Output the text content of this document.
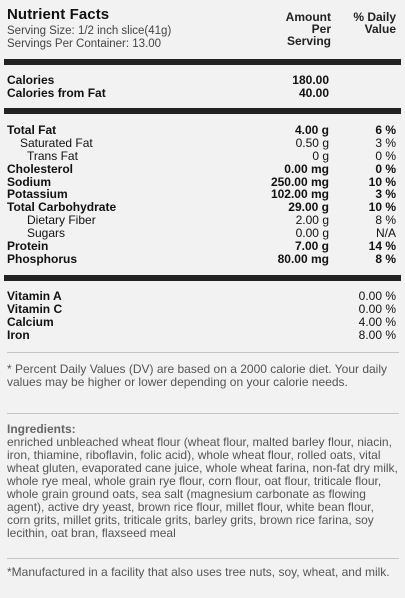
Nutrient Facts
Serving Size: 1/2 inch slice(41g)
Servings Per Container: 13.00
Amount
Per
Serving
% Daily
Value
Calories	180.00
Calories from Fat	40.00
Total Fat	4.00 g	6 %
Saturated Fat	0.50 g	3 %
Trans Fat	0 g	0 %
Cholesterol	0.00 mg	0 %
Sodium	250.00 mg	10 %
Potassium	102.00 mg	3 %
Total Carbohydrate	29.00 g	10 %
Dietary Fiber	2.00 g	8 %
Sugars	0.00 g	N/A
Protein	7.00 g	14 %
Phosphorus	80.00 mg	8 %
Vitamin A	0.00 %
Vitamin C	0.00 %
Calcium	4.00 %
Iron	8.00 %
* Percent Daily Values (DV) are based on a 2000 calorie diet. Your daily values may be higher or lower depending on your calorie needs.
Ingredients:
enriched unbleached wheat flour (wheat flour, malted barley flour, niacin, iron, thiamine, riboflavin, folic acid), whole wheat flour, rolled oats, vital wheat gluten, evaporated cane juice, whole wheat farina, non-fat dry milk, whole rye meal, whole grain rye flour, corn flour, oat flour, triticale flour, whole grain ground oats, sea salt (magnesium carbonate as flowing agent), active dry yeast, brown rice flour, millet flour, white bean flour, corn grits, millet grits, triticale grits, barley grits, brown rice farina, soy lecithin, oat bran, flaxseed meal
*Manufactured in a facility that also uses tree nuts, soy, wheat, and milk.
